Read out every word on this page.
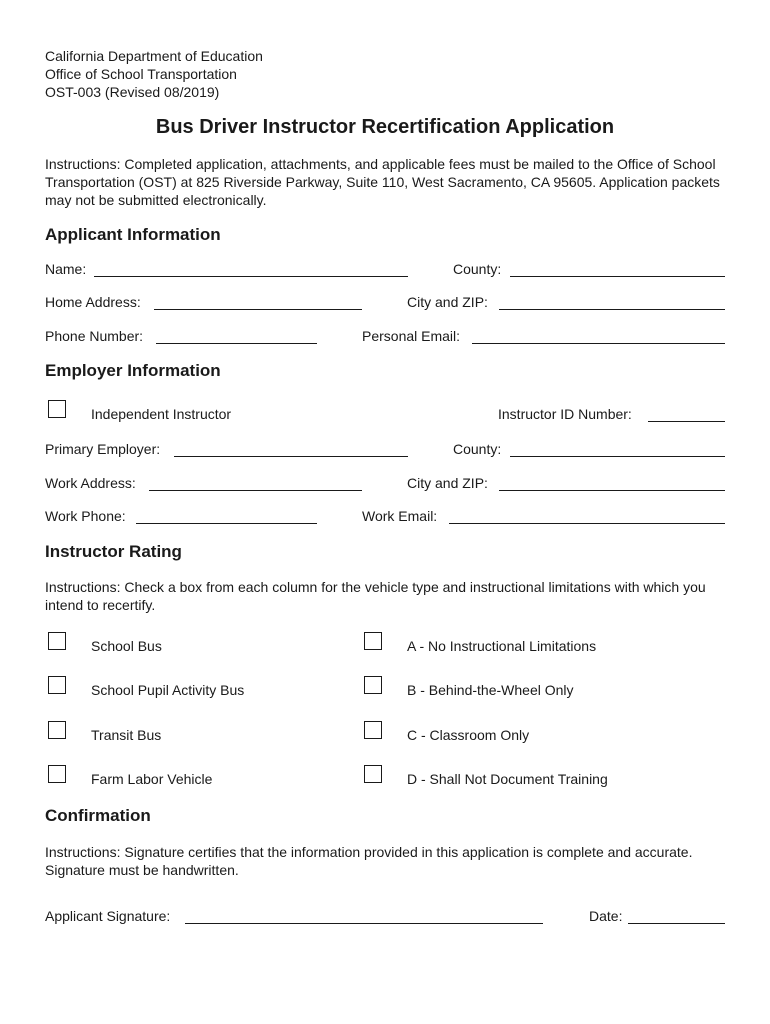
California Department of Education
Office of School Transportation
OST-003 (Revised 08/2019)
Bus Driver Instructor Recertification Application
Instructions: Completed application, attachments, and applicable fees must be mailed to the Office of School Transportation (OST) at 825 Riverside Parkway, Suite 110, West Sacramento, CA 95605. Application packets may not be submitted electronically.
Applicant Information
Name:	County:
Home Address:	City and ZIP:
Phone Number:	Personal Email:
Employer Information
Independent Instructor	Instructor ID Number:
Primary Employer:	County:
Work Address:	City and ZIP:
Work Phone:	Work Email:
Instructor Rating
Instructions: Check a box from each column for the vehicle type and instructional limitations with which you intend to recertify.
School Bus	A - No Instructional Limitations
School Pupil Activity Bus	B - Behind-the-Wheel Only
Transit Bus	C - Classroom Only
Farm Labor Vehicle	D - Shall Not Document Training
Confirmation
Instructions: Signature certifies that the information provided in this application is complete and accurate. Signature must be handwritten.
Applicant Signature:	Date:
